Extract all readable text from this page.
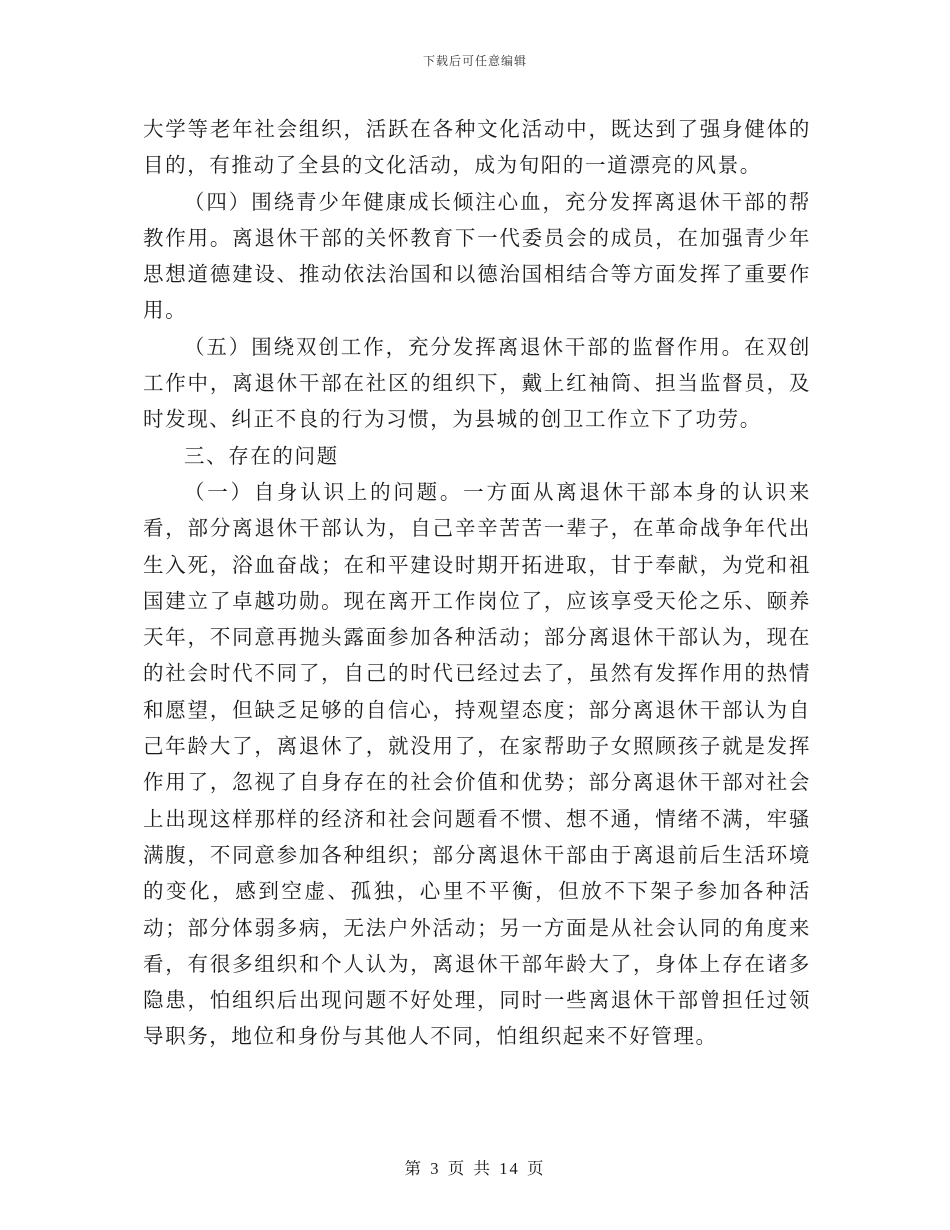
下载后可任意编辑

大学等老年社会组织，活跃在各种文化活动中，既达到了强身健体的目的，有推动了全县的文化活动，成为旬阳的一道漂亮的风景。

（四）围绕青少年健康成长倾注心血，充分发挥离退休干部的帮教作用。离退休干部的关怀教育下一代委员会的成员，在加强青少年思想道德建设、推动依法治国和以德治国相结合等方面发挥了重要作用。

（五）围绕双创工作，充分发挥离退休干部的监督作用。在双创工作中，离退休干部在社区的组织下，戴上红袖筒、担当监督员，及时发现、纠正不良的行为习惯，为县城的创卫工作立下了功劳。

三、存在的问题

（一）自身认识上的问题。一方面从离退休干部本身的认识来看，部分离退休干部认为，自己辛辛苦苦一辈子，在革命战争年代出生入死，浴血奋战；在和平建设时期开拓进取，甘于奉献，为党和祖国建立了卓越功勋。现在离开工作岗位了，应该享受天伦之乐、颐养天年，不同意再抛头露面参加各种活动；部分离退休干部认为，现在的社会时代不同了，自己的时代已经过去了，虽然有发挥作用的热情和愿望，但缺乏足够的自信心，持观望态度；部分离退休干部认为自己年龄大了，离退休了，就没用了，在家帮助子女照顾孩子就是发挥作用了，忽视了自身存在的社会价值和优势；部分离退休干部对社会上出现这样那样的经济和社会问题看不惯、想不通，情绪不满，牢骚满腹，不同意参加各种组织；部分离退休干部由于离退前后生活环境的变化，感到空虚、孤独，心里不平衡，但放不下架子参加各种活动；部分体弱多病，无法户外活动；另一方面是从社会认同的角度来看，有很多组织和个人认为，离退休干部年龄大了，身体上存在诸多隐患，怕组织后出现问题不好处理，同时一些离退休干部曾担任过领导职务，地位和身份与其他人不同，怕组织起来不好管理。

第 3 页 共 14 页
